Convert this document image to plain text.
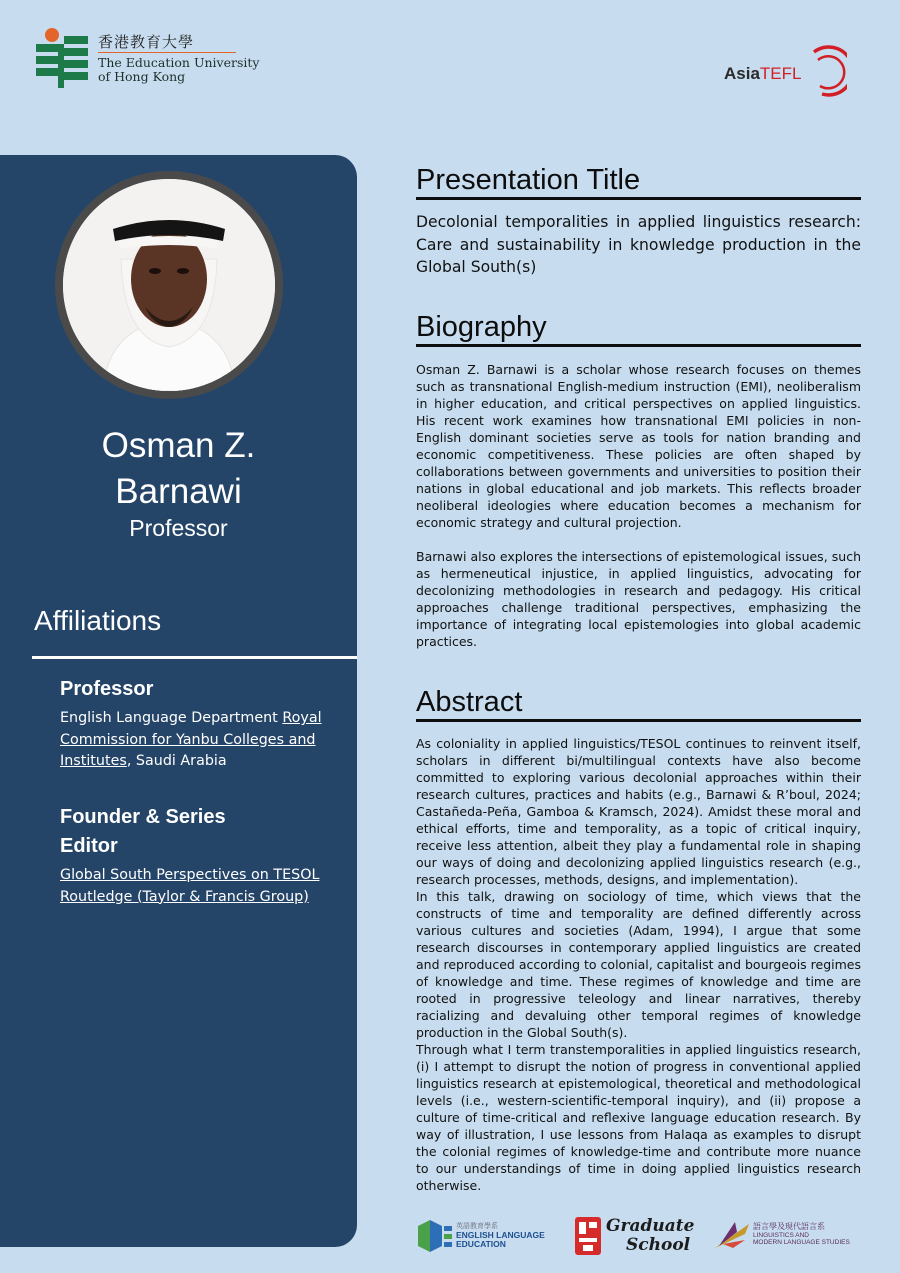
香港教育大學
The Education University
of Hong Kong	AsiaTEFL
Osman Z.
Barnawi
Professor
Affiliations
Professor
English Language Department Royal Commission for Yanbu Colleges and Institutes, Saudi Arabia
Founder & Series Editor
Global South Perspectives on TESOL Routledge (Taylor & Francis Group)
Presentation Title
Decolonial temporalities in applied linguistics research: Care and sustainability in knowledge production in the Global South(s)
Biography
Osman Z. Barnawi is a scholar whose research focuses on themes such as transnational English-medium instruction (EMI), neoliberalism in higher education, and critical perspectives on applied linguistics. His recent work examines how transnational EMI policies in non-English dominant societies serve as tools for nation branding and economic competitiveness. These policies are often shaped by collaborations between governments and universities to position their nations in global educational and job markets. This reflects broader neoliberal ideologies where education becomes a mechanism for economic strategy and cultural projection.
Barnawi also explores the intersections of epistemological issues, such as hermeneutical injustice, in applied linguistics, advocating for decolonizing methodologies in research and pedagogy. His critical approaches challenge traditional perspectives, emphasizing the importance of integrating local epistemologies into global academic practices.
Abstract
As coloniality in applied linguistics/TESOL continues to reinvent itself, scholars in different bi/multilingual contexts have also become committed to exploring various decolonial approaches within their research cultures, practices and habits (e.g., Barnawi & R’boul, 2024; Castañeda-Peña, Gamboa & Kramsch, 2024). Amidst these moral and ethical efforts, time and temporality, as a topic of critical inquiry, receive less attention, albeit they play a fundamental role in shaping our ways of doing and decolonizing applied linguistics research (e.g., research processes, methods, designs, and implementation).
In this talk, drawing on sociology of time, which views that the constructs of time and temporality are defined differently across various cultures and societies (Adam, 1994), I argue that some research discourses in contemporary applied linguistics are created and reproduced according to colonial, capitalist and bourgeois regimes of knowledge and time. These regimes of knowledge and time are rooted in progressive teleology and linear narratives, thereby racializing and devaluing other temporal regimes of knowledge production in the Global South(s).
Through what I term transtemporalities in applied linguistics research, (i) I attempt to disrupt the notion of progress in conventional applied linguistics research at epistemological, theoretical and methodological levels (i.e., western-scientific-temporal inquiry), and (ii) propose a culture of time-critical and reflexive language education research. By way of illustration, I use lessons from Halaqa as examples to disrupt the colonial regimes of knowledge-time and contribute more nuance to our understandings of time in doing applied linguistics research otherwise.
英語教育學系
ENGLISH LANGUAGE
EDUCATION
Graduate
School
語言學及現代語言系
LINGUISTICS AND
MODERN LANGUAGE STUDIES
